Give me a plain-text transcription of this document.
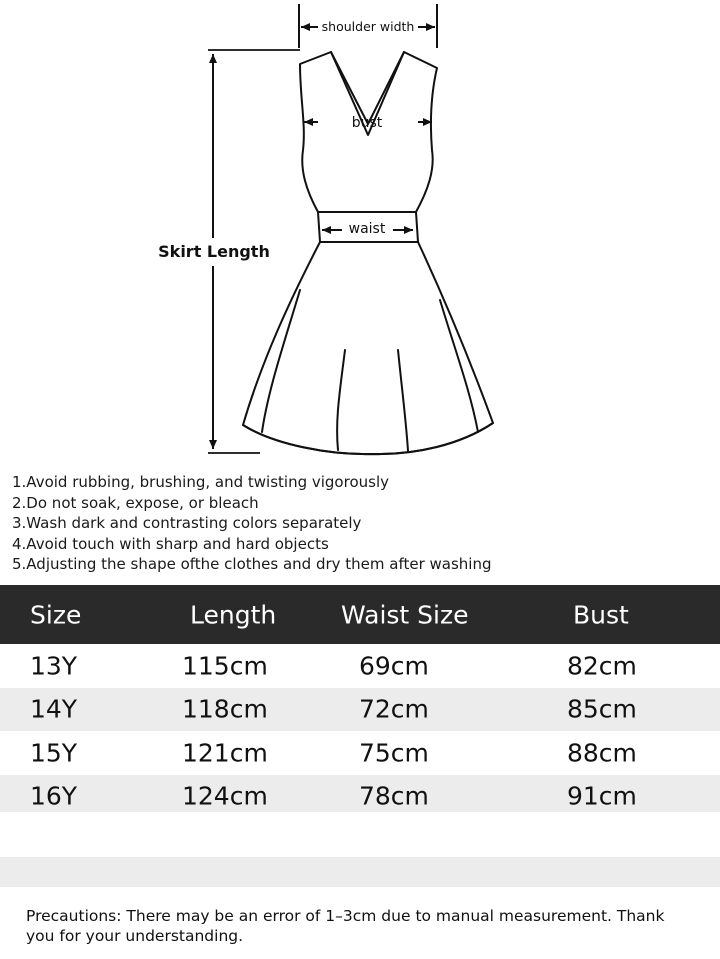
shoulder width
Skirt Length
bust
waist
1.Avoid rubbing, brushing, and twisting vigorously
2.Do not soak, expose, or bleach
3.Wash dark and contrasting colors separately
4.Avoid touch with sharp and hard objects
5.Adjusting the shape ofthe clothes and dry them after washing
Size	Length	Waist Size	Bust
13Y	115cm	69cm	82cm
14Y	118cm	72cm	85cm
15Y	121cm	75cm	88cm
16Y	124cm	78cm	91cm
Precautions: There may be an error of 1–3cm due to manual measurement. Thank you for your understanding.
